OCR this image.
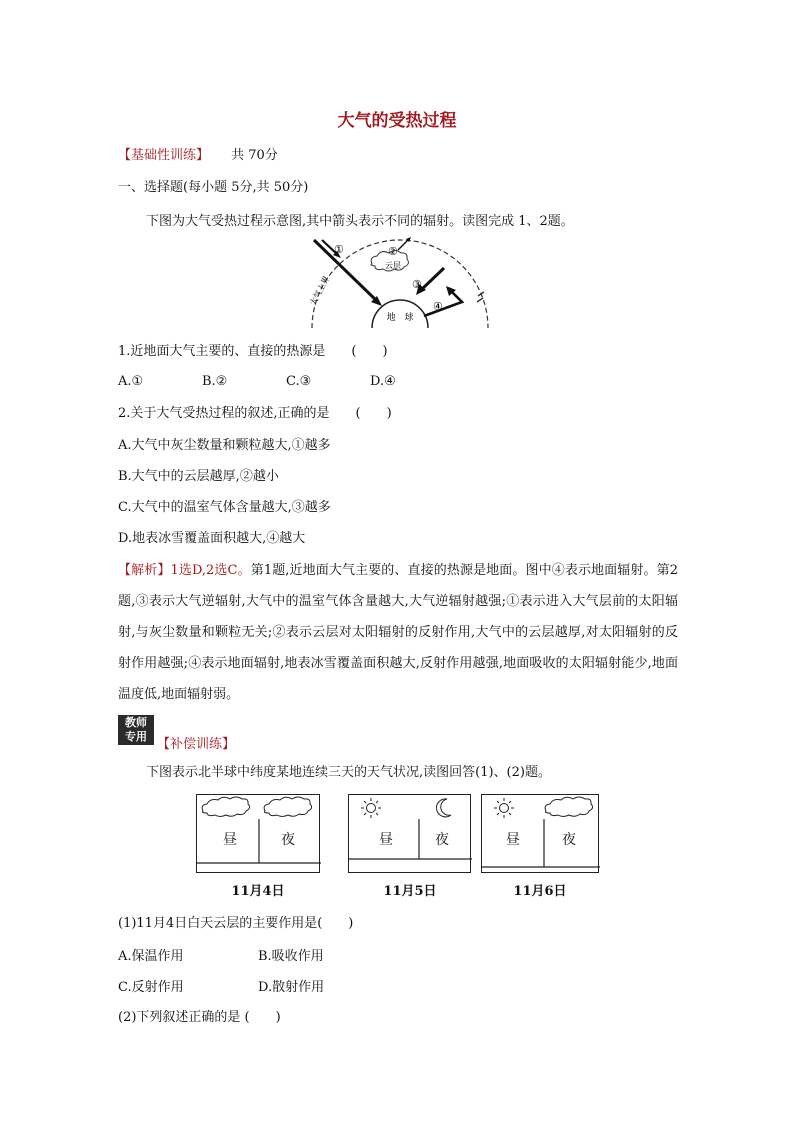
大气的受热过程
【基础性训练】 共 70分
一、选择题(每小题 5分,共 50分)
下图为大气受热过程示意图,其中箭头表示不同的辐射。读图完成 1、2题。
地　球
①
云层
②
③
④
大气上界
1.近地面大气主要的、直接的热源是　　(　　)
A.①	B.②	C.③	D.④
2.关于大气受热过程的叙述,正确的是　　(　　)
A.大气中灰尘数量和颗粒越大,①越多
B.大气中的云层越厚,②越小
C.大气中的温室气体含量越大,③越多
D.地表冰雪覆盖面积越大,④越大
【解析】1选D,2选C。第1题,近地面大气主要的、直接的热源是地面。图中④表示地面辐射。第2题,③表示大气逆辐射,大气中的温室气体含量越大,大气逆辐射越强;①表示进入大气层前的太阳辐射,与灰尘数量和颗粒无关;②表示云层对太阳辐射的反射作用,大气中的云层越厚,对太阳辐射的反射作用越强;④表示地面辐射,地表冰雪覆盖面积越大,反射作用越强,地面吸收的太阳辐射能少,地面温度低,地面辐射弱。
教师
专用
【补偿训练】
下图表示北半球中纬度某地连续三天的天气状况,读图回答(1)、(2)题。
昼	夜	昼	夜	昼	夜
11月4日	11月5日	11月6日
(1)11月4日白天云层的主要作用是(　　)
A.保温作用	B.吸收作用
C.反射作用	D.散射作用
(2)下列叙述正确的是 (　　)
